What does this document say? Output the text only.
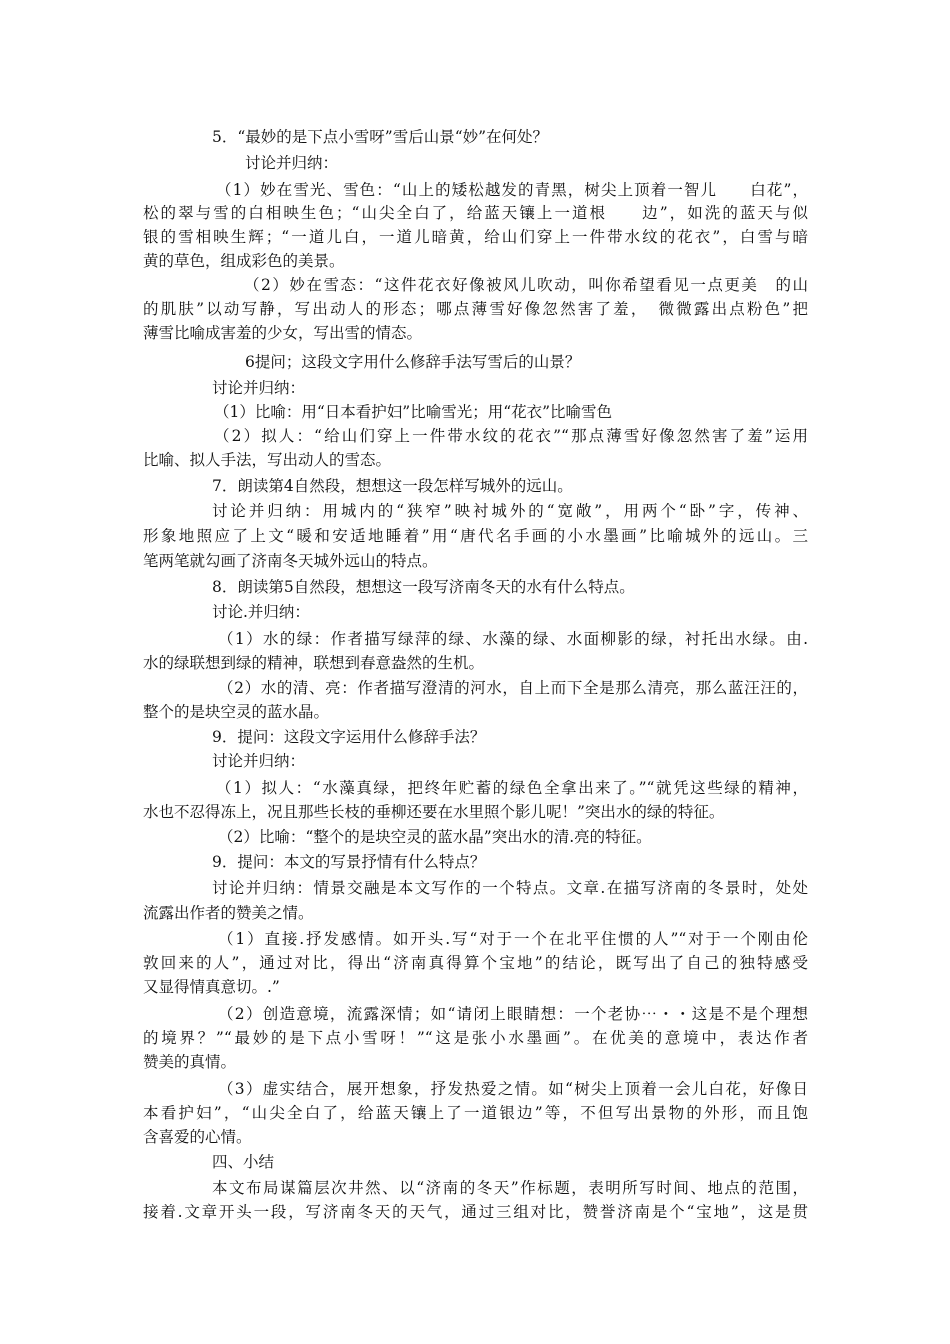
5．“最妙的是下点小雪呀”雪后山景“妙”在何处？
讨论并归纳：
（1）妙在雪光、雪色：“山上的矮松越发的青黑，树尖上顶着一智儿　　白花”，
松的翠与雪的白相映生色；“山尖全白了，给蓝天镶上一道根　　边”，如洗的蓝天与似
银的雪相映生辉；“一道儿白，一道儿暗黄，给山们穿上一件带水纹的花衣”，白雪与暗
黄的草色，组成彩色的美景。
（2）妙在雪态：“这件花衣好像被风儿吹动，叫你希望看见一点更美　的山
的肌肤”以动写静，写出动人的形态；哪点薄雪好像忽然害了羞，　微微露出点粉色”把
薄雪比喻成害羞的少女，写出雪的情态。
6提问；这段文字用什么修辞手法写雪后的山景？
讨论并归纳：
（1）比喻：用“日本看护妇”比喻雪光；用“花衣”比喻雪色
（2）拟人：“给山们穿上一件带水纹的花衣”“那点薄雪好像忽然害了羞”运用
比喻、拟人手法，写出动人的雪态。
7．朗读第4自然段，想想这一段怎样写城外的远山。
讨论并归纳：用城内的“狭窄”映衬城外的“宽敞”，用两个“卧”字，传神、
形象地照应了上文“暖和安适地睡着”用“唐代名手画的小水墨画”比喻城外的远山。三
笔两笔就勾画了济南冬天城外远山的特点。
8．朗读第5自然段，想想这一段写济南冬天的水有什么特点。
讨论.并归纳：
（1）水的绿：作者描写绿萍的绿、水藻的绿、水面柳影的绿，衬托出水绿。由.
水的绿联想到绿的精神，联想到春意盎然的生机。
（2）水的清、亮：作者描写澄清的河水，自上而下全是那么清亮，那么蓝汪汪的，
整个的是块空灵的蓝水晶。
9．提问：这段文字运用什么修辞手法？
讨论并归纳：
（1）拟人：“水藻真绿，把终年贮蓄的绿色全拿出来了。”“就凭这些绿的精神，
水也不忍得冻上，况且那些长枝的垂柳还要在水里照个影儿呢！”突出水的绿的特征。
（2）比喻：“整个的是块空灵的蓝水晶”突出水的清.亮的特征。
9．提问：本文的写景抒情有什么特点？
讨论并归纳：情景交融是本文写作的一个特点。文章.在描写济南的冬景时，处处
流露出作者的赞美之情。
（1）直接.抒发感情。如开头.写“对于一个在北平住惯的人”“对于一个刚由伦
敦回来的人”，通过对比，得出“济南真得算个宝地”的结论，既写出了自己的独特感受
又显得情真意切。.”
（2）创造意境，流露深情；如“请闭上眼睛想：一个老协⋯・・这是不是个理想
的境界？”“最妙的是下点小雪呀！”“这是张小水墨画”。在优美的意境中，表达作者
赞美的真情。
（3）虚实结合，展开想象，抒发热爱之情。如“树尖上顶着一会儿白花，好像日
本看护妇”，“山尖全白了，给蓝天镶上了一道银边”等，不但写出景物的外形，而且饱
含喜爱的心情。
四、小结
本文布局谋篇层次井然、以“济南的冬天”作标题，表明所写时间、地点的范围，
接着.文章开头一段，写济南冬天的天气，通过三组对比，赞誉济南是个“宝地”，这是贯
